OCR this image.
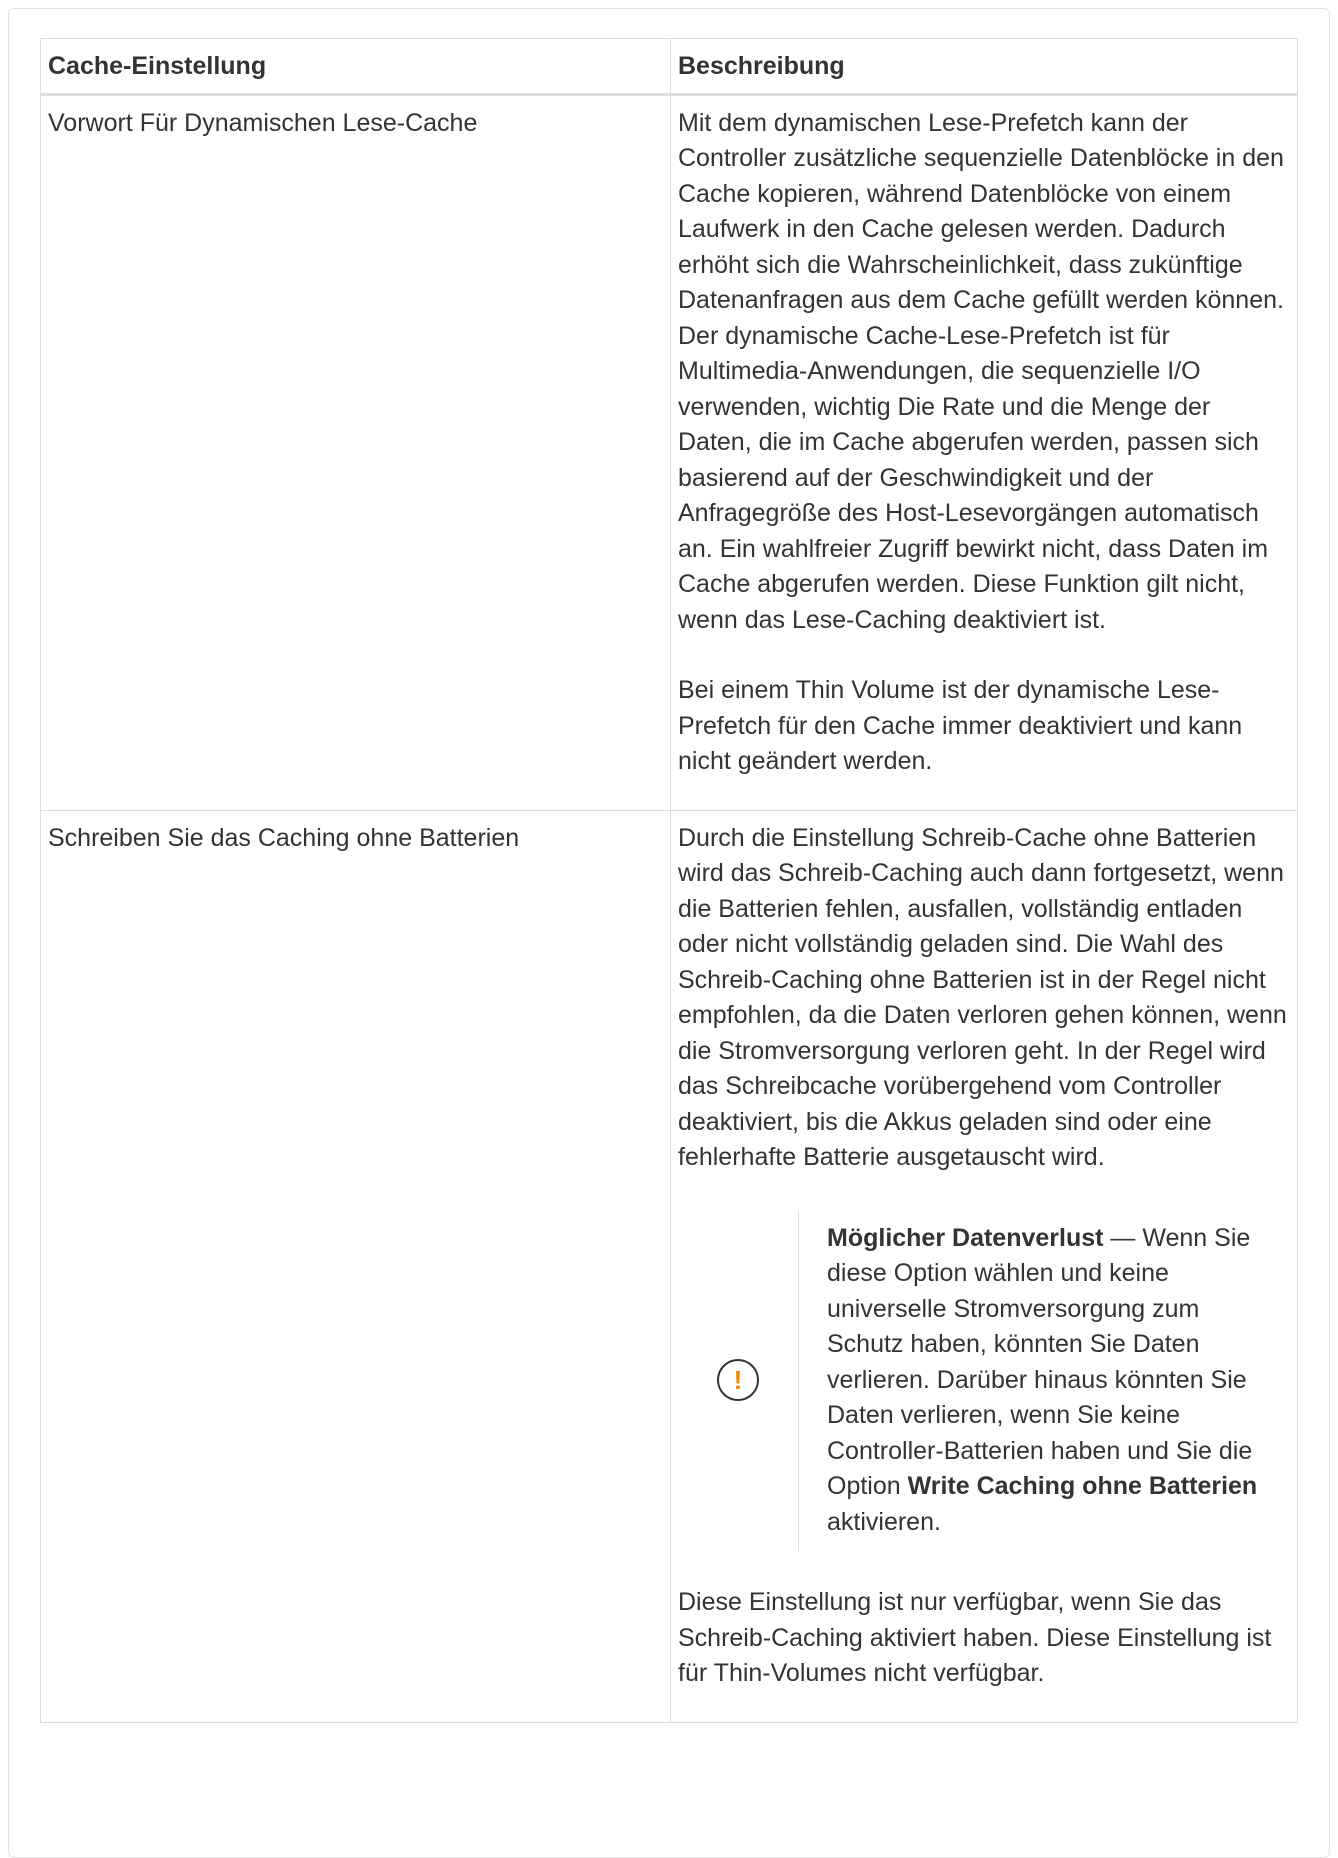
Cache-Einstellung	Beschreibung
Vorwort Für Dynamischen Lese-Cache	Mit dem dynamischen Lese-Prefetch kann der Controller zusätzliche sequenzielle Datenblöcke in den Cache kopieren, während Datenblöcke von einem Laufwerk in den Cache gelesen werden. Dadurch erhöht sich die Wahrscheinlichkeit, dass zukünftige Datenanfragen aus dem Cache gefüllt werden können. Der dynamische Cache-Lese-Prefetch ist für Multimedia-Anwendungen, die sequenzielle I/O verwenden, wichtig Die Rate und die Menge der Daten, die im Cache abgerufen werden, passen sich basierend auf der Geschwindigkeit und der Anfragegröße des Host-Lesevorgängen automatisch an. Ein wahlfreier Zugriff bewirkt nicht, dass Daten im Cache abgerufen werden. Diese Funktion gilt nicht, wenn das Lese-Caching deaktiviert ist.

Bei einem Thin Volume ist der dynamische Lese-Prefetch für den Cache immer deaktiviert und kann nicht geändert werden.

Schreiben Sie das Caching ohne Batterien	Durch die Einstellung Schreib-Cache ohne Batterien wird das Schreib-Caching auch dann fortgesetzt, wenn die Batterien fehlen, ausfallen, vollständig entladen oder nicht vollständig geladen sind. Die Wahl des Schreib-Caching ohne Batterien ist in der Regel nicht empfohlen, da die Daten verloren gehen können, wenn die Stromversorgung verloren geht. In der Regel wird das Schreibcache vorübergehend vom Controller deaktiviert, bis die Akkus geladen sind oder eine fehlerhafte Batterie ausgetauscht wird.

!
Möglicher Datenverlust — Wenn Sie diese Option wählen und keine universelle Stromversorgung zum Schutz haben, könnten Sie Daten verlieren. Darüber hinaus könnten Sie Daten verlieren, wenn Sie keine Controller-Batterien haben und Sie die Option Write Caching ohne Batterien aktivieren.

Diese Einstellung ist nur verfügbar, wenn Sie das Schreib-Caching aktiviert haben. Diese Einstellung ist für Thin-Volumes nicht verfügbar.
